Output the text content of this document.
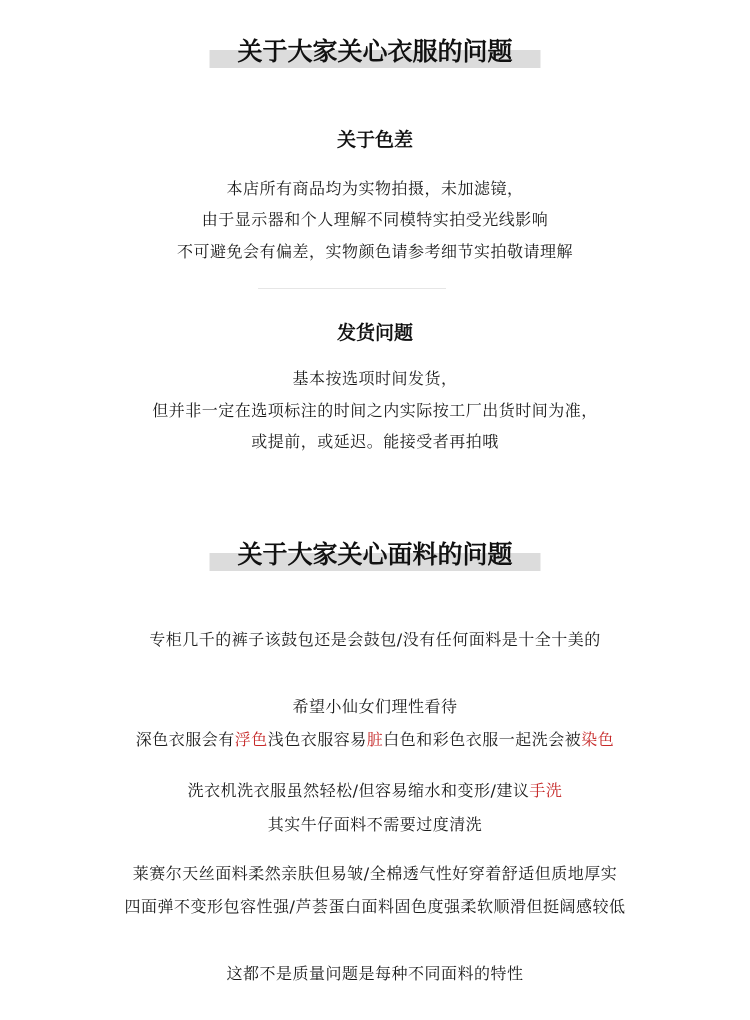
关于大家关心衣服的问题
关于色差
本店所有商品均为实物拍摄，未加滤镜，
由于显示器和个人理解不同模特实拍受光线影响
不可避免会有偏差，实物颜色请参考细节实拍敬请理解
发货问题
基本按选项时间发货，
但并非一定在选项标注的时间之内实际按工厂出货时间为准，
或提前，或延迟。能接受者再拍哦
关于大家关心面料的问题
专柜几千的裤子该鼓包还是会鼓包/没有任何面料是十全十美的
希望小仙女们理性看待
深色衣服会有浮色浅色衣服容易脏白色和彩色衣服一起洗会被染色
洗衣机洗衣服虽然轻松/但容易缩水和变形/建议手洗
其实牛仔面料不需要过度清洗
莱赛尔天丝面料柔然亲肤但易皱/全棉透气性好穿着舒适但质地厚实
四面弹不变形包容性强/芦荟蛋白面料固色度强柔软顺滑但挺阔感较低
这都不是质量问题是每种不同面料的特性
